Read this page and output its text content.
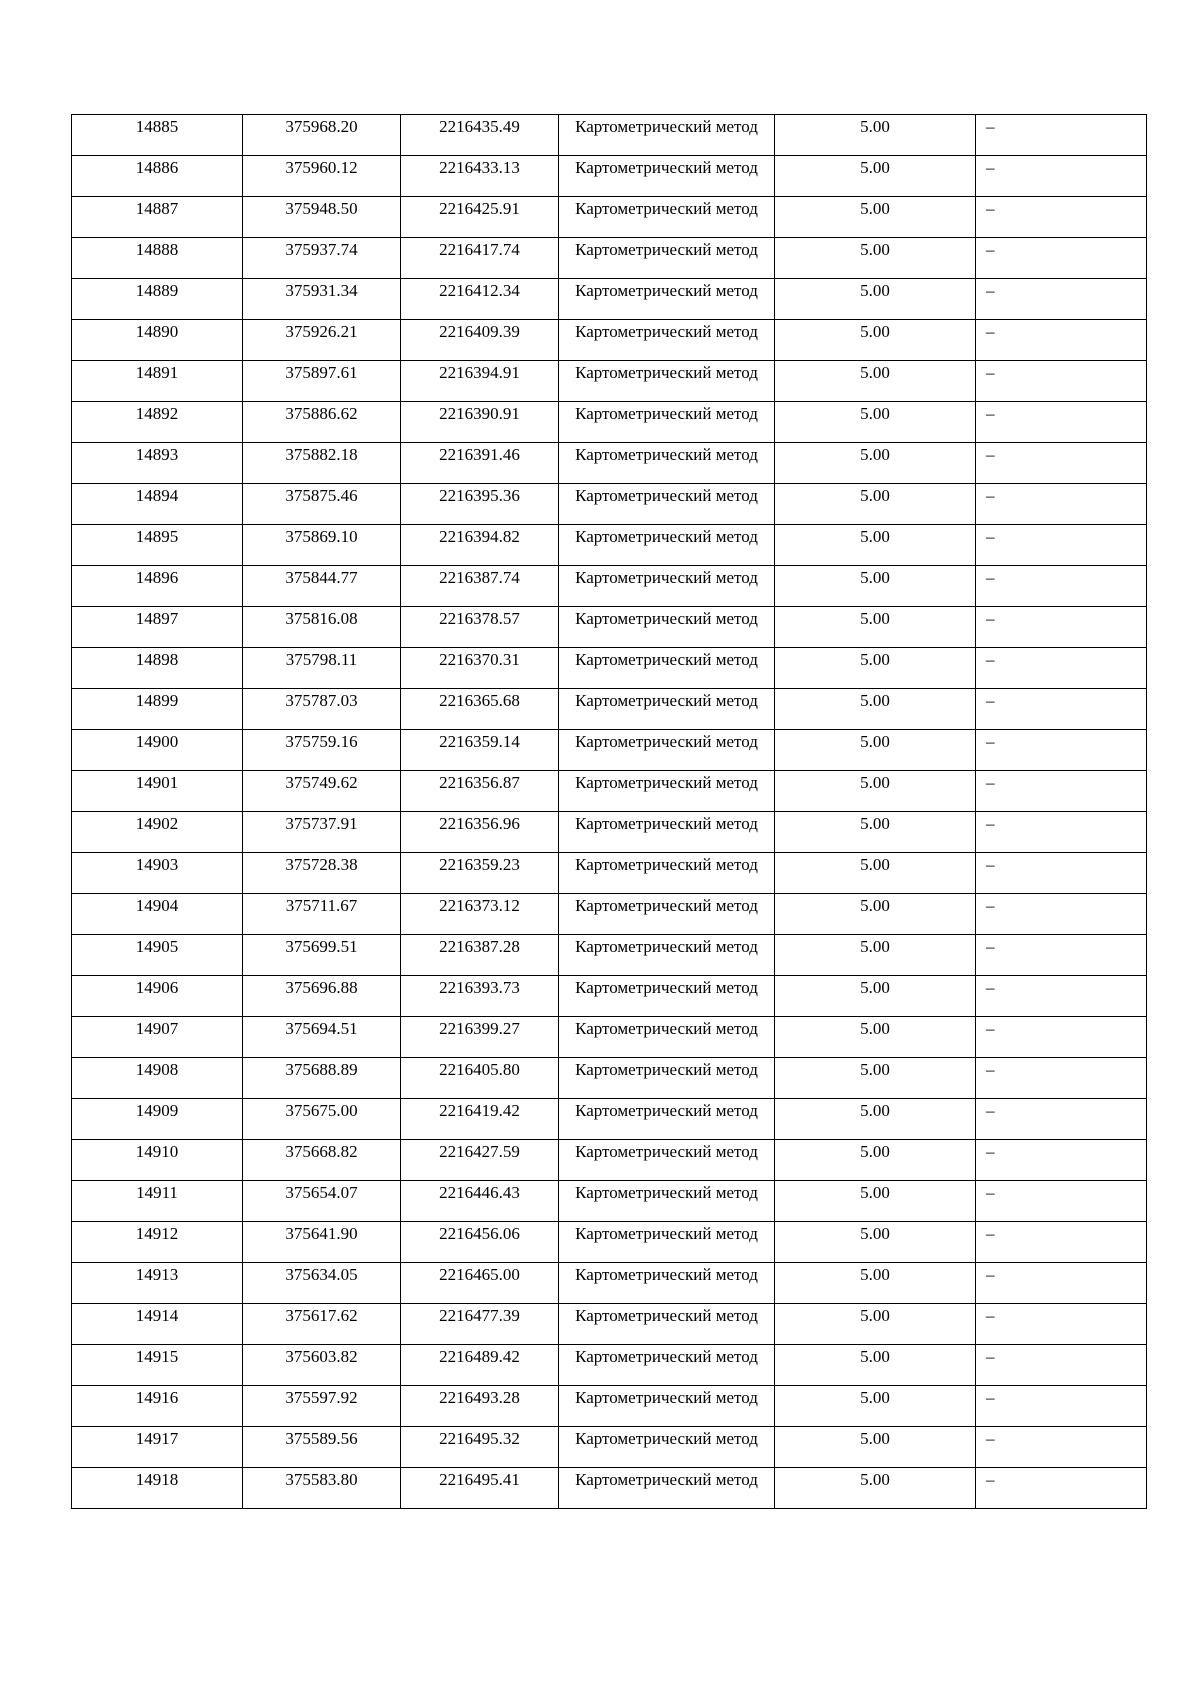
14885	375968.20	2216435.49	Картометрический метод	5.00	–
14886	375960.12	2216433.13	Картометрический метод	5.00	–
14887	375948.50	2216425.91	Картометрический метод	5.00	–
14888	375937.74	2216417.74	Картометрический метод	5.00	–
14889	375931.34	2216412.34	Картометрический метод	5.00	–
14890	375926.21	2216409.39	Картометрический метод	5.00	–
14891	375897.61	2216394.91	Картометрический метод	5.00	–
14892	375886.62	2216390.91	Картометрический метод	5.00	–
14893	375882.18	2216391.46	Картометрический метод	5.00	–
14894	375875.46	2216395.36	Картометрический метод	5.00	–
14895	375869.10	2216394.82	Картометрический метод	5.00	–
14896	375844.77	2216387.74	Картометрический метод	5.00	–
14897	375816.08	2216378.57	Картометрический метод	5.00	–
14898	375798.11	2216370.31	Картометрический метод	5.00	–
14899	375787.03	2216365.68	Картометрический метод	5.00	–
14900	375759.16	2216359.14	Картометрический метод	5.00	–
14901	375749.62	2216356.87	Картометрический метод	5.00	–
14902	375737.91	2216356.96	Картометрический метод	5.00	–
14903	375728.38	2216359.23	Картометрический метод	5.00	–
14904	375711.67	2216373.12	Картометрический метод	5.00	–
14905	375699.51	2216387.28	Картометрический метод	5.00	–
14906	375696.88	2216393.73	Картометрический метод	5.00	–
14907	375694.51	2216399.27	Картометрический метод	5.00	–
14908	375688.89	2216405.80	Картометрический метод	5.00	–
14909	375675.00	2216419.42	Картометрический метод	5.00	–
14910	375668.82	2216427.59	Картометрический метод	5.00	–
14911	375654.07	2216446.43	Картометрический метод	5.00	–
14912	375641.90	2216456.06	Картометрический метод	5.00	–
14913	375634.05	2216465.00	Картометрический метод	5.00	–
14914	375617.62	2216477.39	Картометрический метод	5.00	–
14915	375603.82	2216489.42	Картометрический метод	5.00	–
14916	375597.92	2216493.28	Картометрический метод	5.00	–
14917	375589.56	2216495.32	Картометрический метод	5.00	–
14918	375583.80	2216495.41	Картометрический метод	5.00	–
